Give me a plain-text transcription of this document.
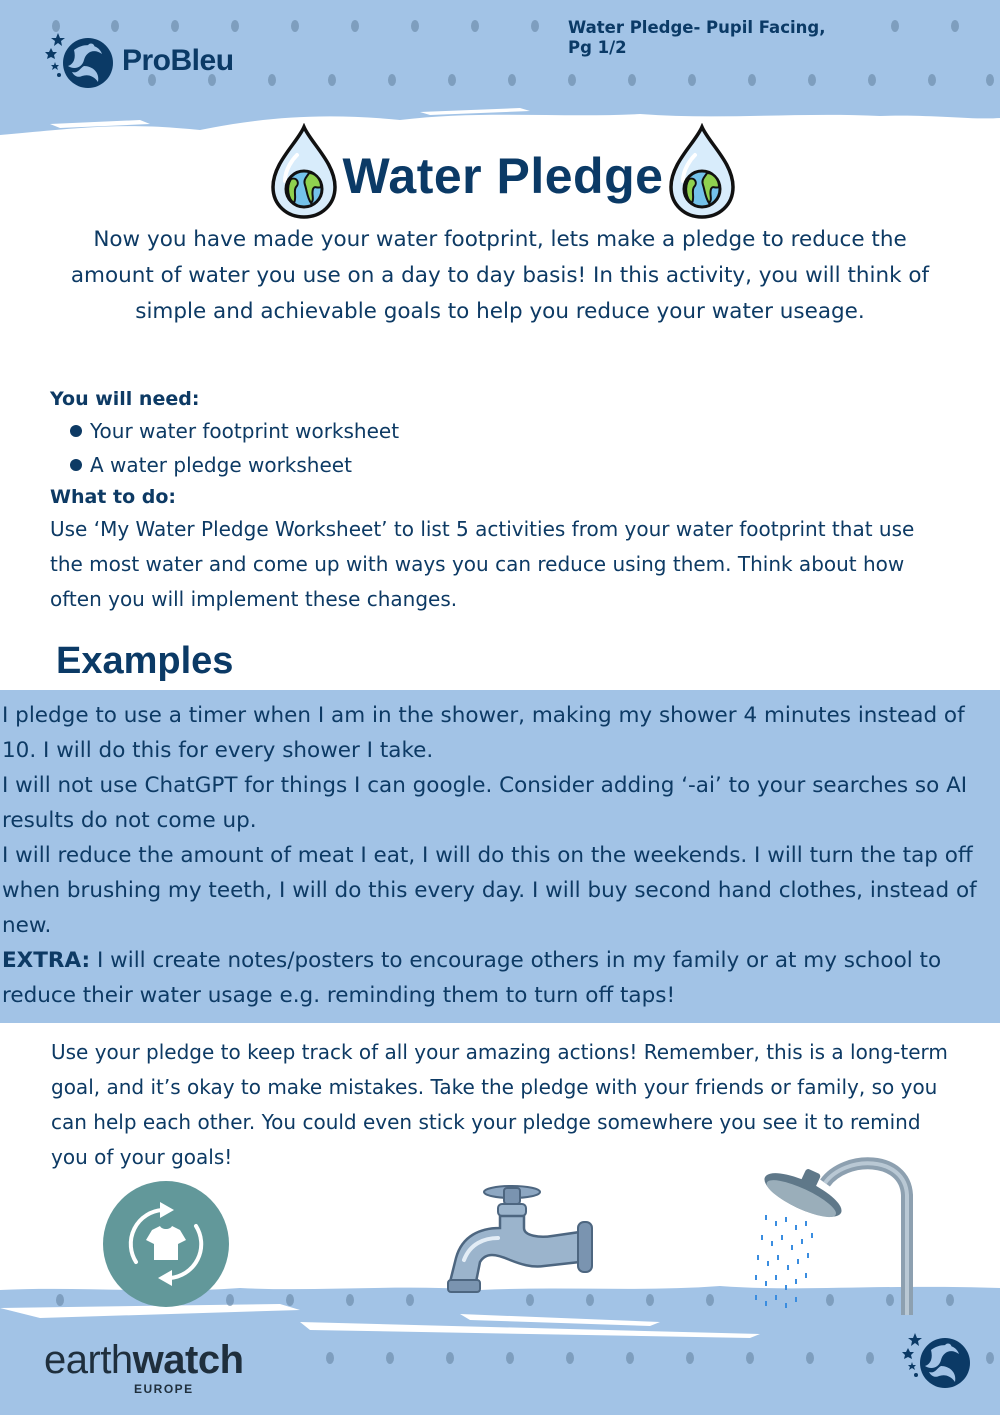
ProBleu
Water Pledge- Pupil Facing,
Pg 1/2
Water Pledge

Now you have made your water footprint, lets make a pledge to reduce the amount of water you use on a day to day basis! In this activity, you will think of simple and achievable goals to help you reduce your water useage.

You will need:
Your water footprint worksheet
A water pledge worksheet
What to do:

Use ‘My Water Pledge Worksheet’ to list 5 activities from your water footprint that use the most water and come up with ways you can reduce using them. Think about how often you will implement these changes.

Examples

I pledge to use a timer when I am in the shower, making my shower 4 minutes instead of 10. I will do this for every shower I take.

I will not use ChatGPT for things I can google. Consider adding ‘-ai’ to your searches so AI results do not come up.

I will reduce the amount of meat I eat, I will do this on the weekends. I will turn the tap off when brushing my teeth, I will do this every day. I will buy second hand clothes, instead of new.

EXTRA: I will create notes/posters to encourage others in my family or at my school to reduce their water usage e.g. reminding them to turn off taps!

Use your pledge to keep track of all your amazing actions! Remember, this is a long-term goal, and it’s okay to make mistakes. Take the pledge with your friends or family, so you can help each other. You could even stick your pledge somewhere you see it to remind you of your goals!

earthwatch
EUROPE
